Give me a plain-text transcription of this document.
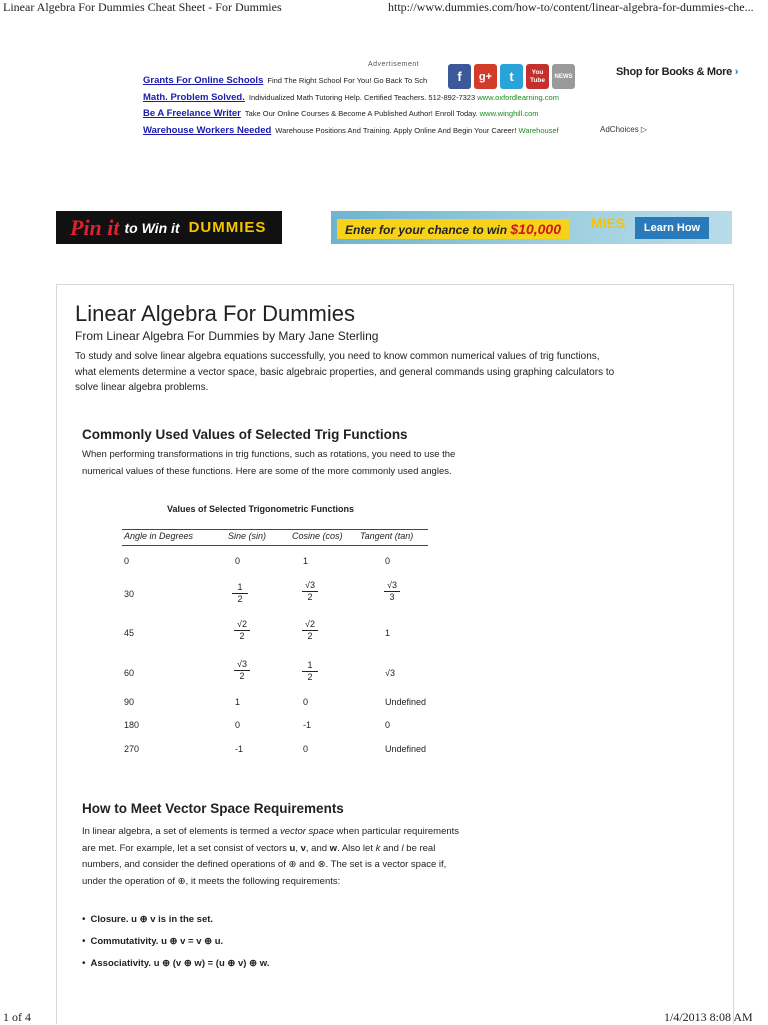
Linear Algebra For Dummies Cheat Sheet - For Dummies	http://www.dummies.com/how-to/content/linear-algebra-for-dummies-che...
1 of 4	1/4/2013 8:08 AM
Advertisement
Grants For Online Schools Find The Right School For You! Go Back To Sch
Math. Problem Solved. Individualized Math Tutoring Help. Certified Teachers. 512-892-7323 www.oxfordlearning.com
Be A Freelance Writer Take Our Online Courses & Become A Published Author! Enroll Today. www.winghill.com
Warehouse Workers Needed Warehouse Positions And Training. Apply Online And Begin Your Career! Warehousef
f	g+	t	You Tube	NEWS	Shop for Books & More ›
AdChoices ▷
Pin it to Win it DUMMIES	Enter for your chance to win $10,000	MIES	Learn How
Linear Algebra For Dummies
From Linear Algebra For Dummies by Mary Jane Sterling
To study and solve linear algebra equations successfully, you need to know common numerical values of trig functions, what elements determine a vector space, basic algebraic properties, and general commands using graphing calculators to solve linear algebra problems.
Commonly Used Values of Selected Trig Functions
When performing transformations in trig functions, such as rotations, you need to use the numerical values of these functions. Here are some of the more commonly used angles.
Values of Selected Trigonometric Functions
Angle in Degrees	Sine (sin)	Cosine (cos) Tangent (tan)
0	0	1	0
30	$\frac{1}{2}$	$\frac{√3}{2}$	$\frac{√3}{3}$
45	$\frac{√2}{2}$	$\frac{√2}{2}$	1
60	$\frac{√3}{2}$	$\frac{1}{2}$	√3
90	1	0	Undefined
180	0	-1	0
270	-1	0	Undefined
How to Meet Vector Space Requirements
In linear algebra, a set of elements is termed a vector space when particular requirements are met. For example, let a set consist of vectors u, v, and w. Also let k and l be real numbers, and consider the defined operations of ⊕ and ⊗. The set is a vector space if, under the operation of ⊕, it meets the following requirements:
• Closure. u ⊕ v is in the set.
• Commutativity. u ⊕ v = v ⊕ u.
• Associativity. u ⊕ (v ⊕ w) = (u ⊕ v) ⊕ w.
